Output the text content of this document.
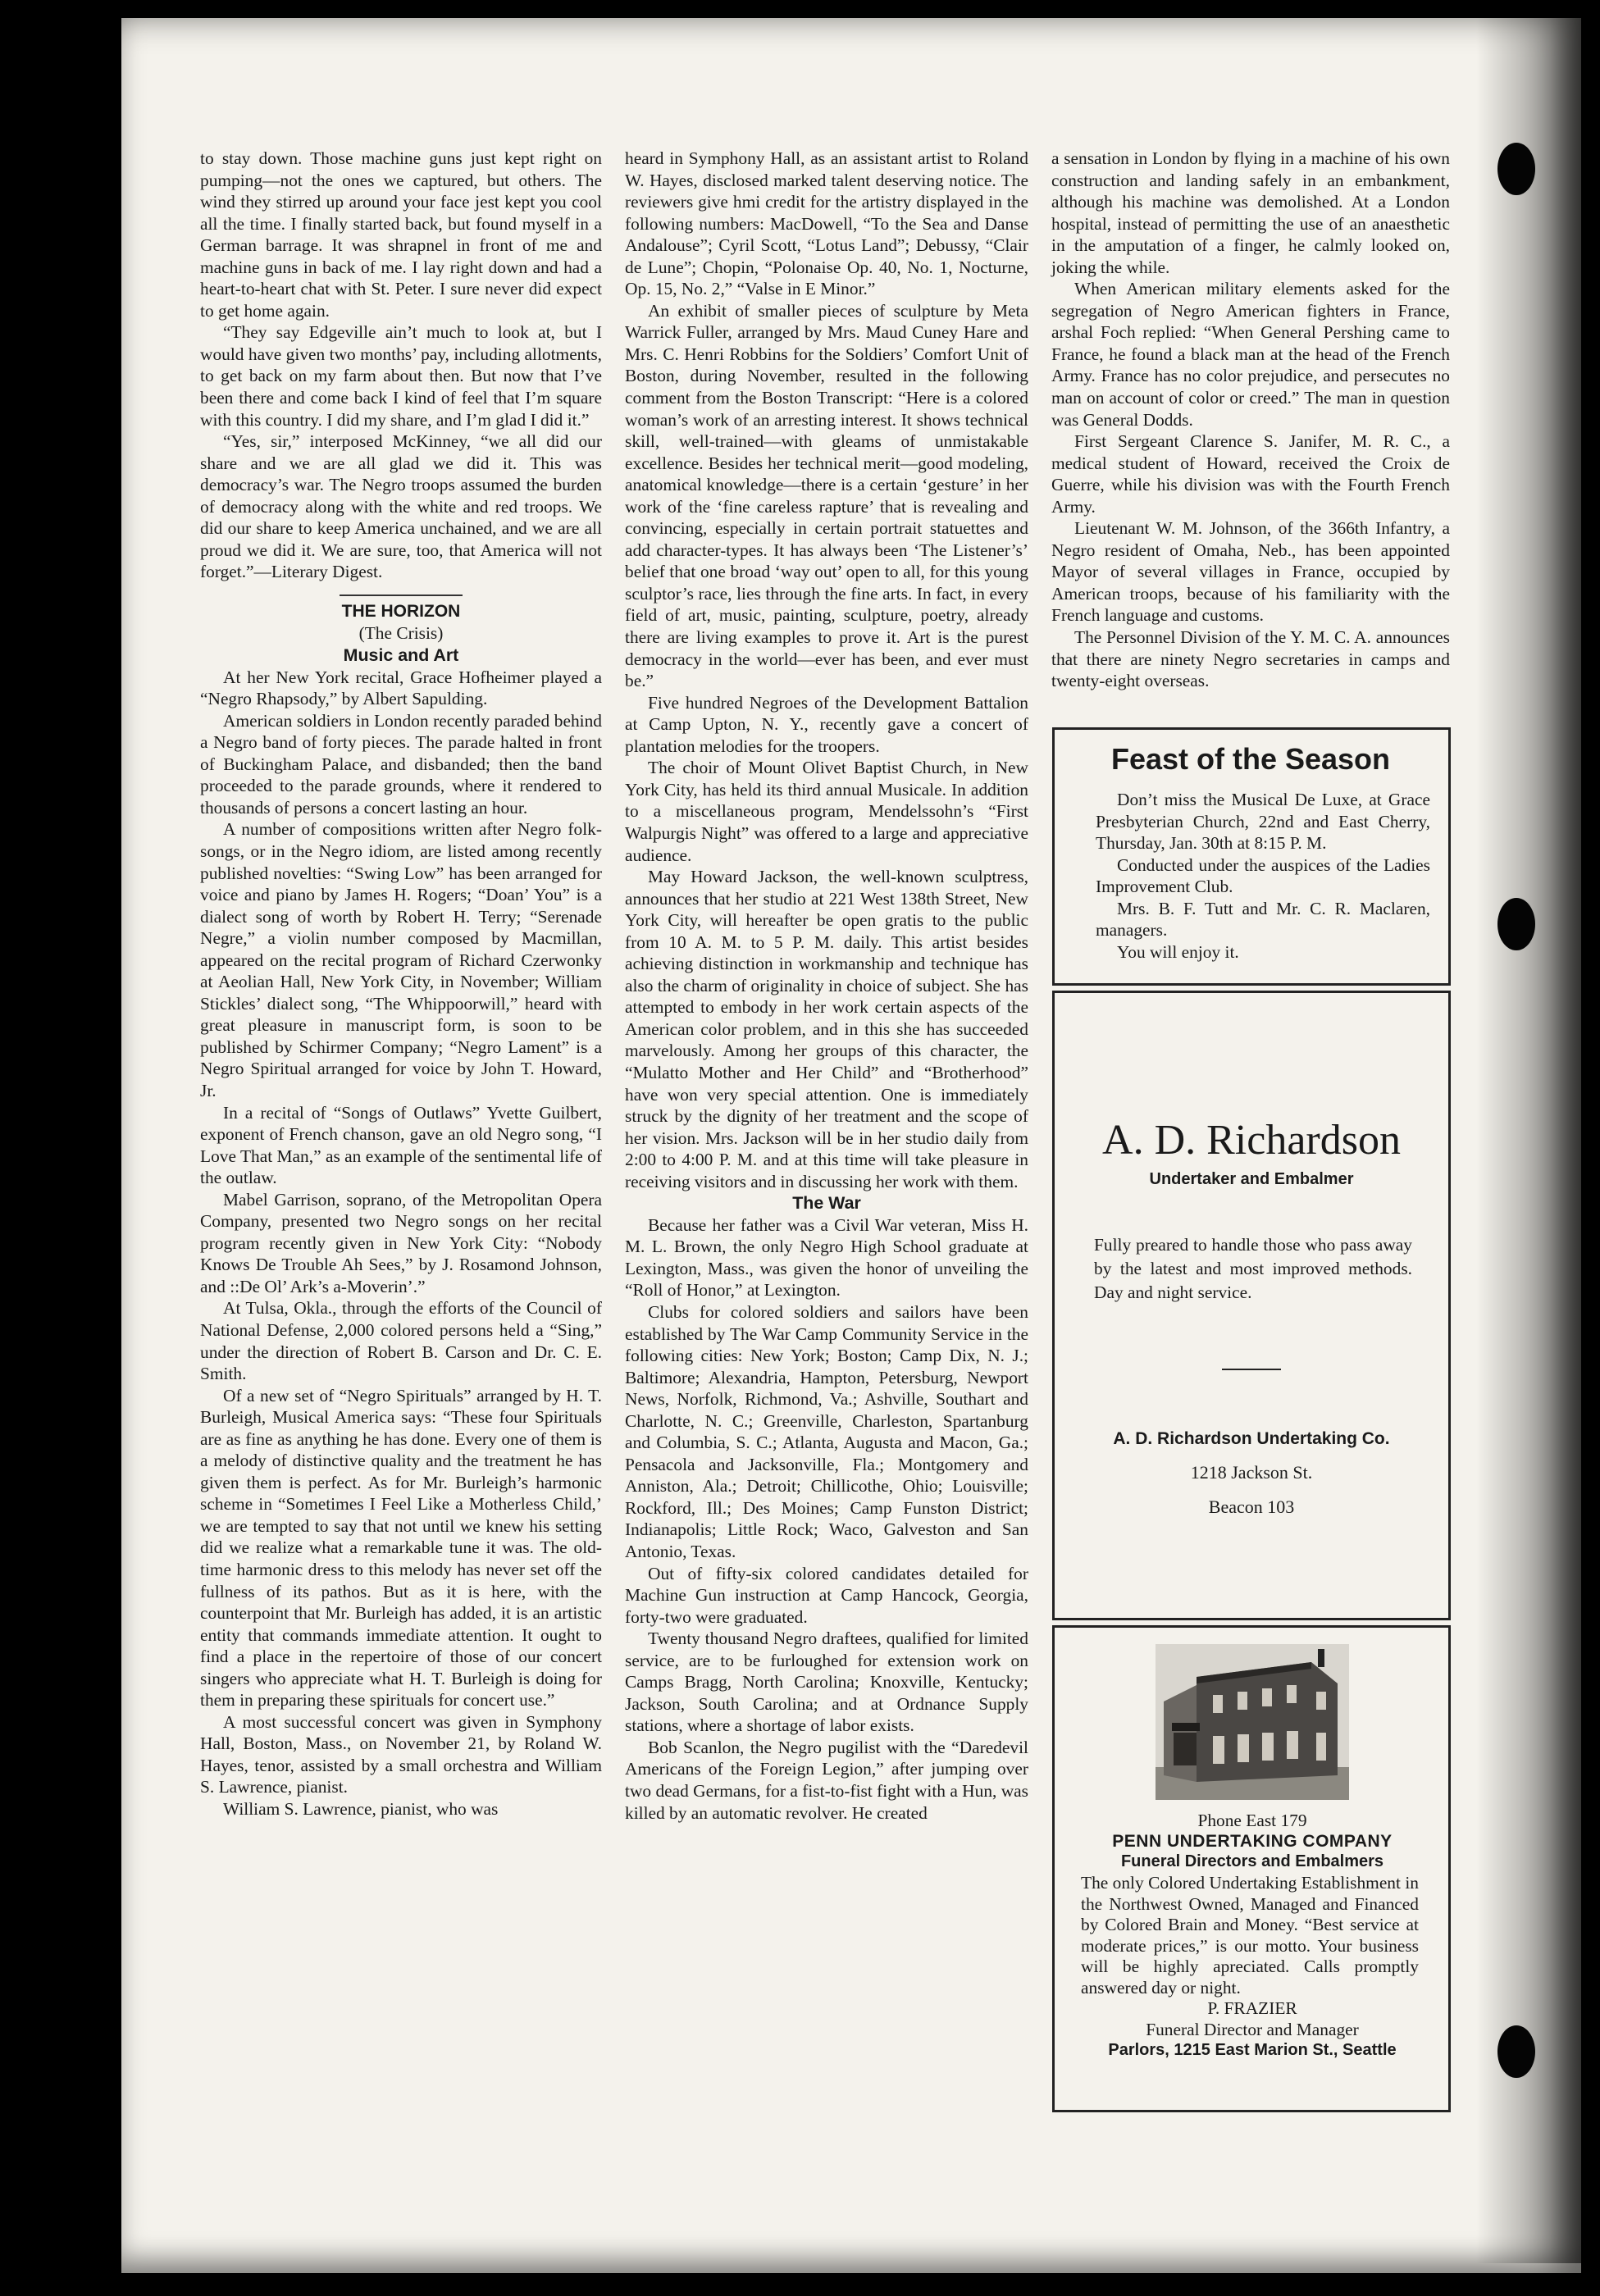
to stay down. Those machine guns just kept right on pumping—not the ones we captured, but others. The wind they stirred up around your face jest kept you cool all the time. I finally started back, but found myself in a German barrage. It was shrapnel in front of me and machine guns in back of me. I lay right down and had a heart-to-heart chat with St. Peter. I sure never did expect to get home again.

“They say Edgeville ain’t much to look at, but I would have given two months’ pay, including allotments, to get back on my farm about then. But now that I’ve been there and come back I kind of feel that I’m square with this country. I did my share, and I’m glad I did it.”

“Yes, sir,” interposed McKinney, “we all did our share and we are all glad we did it. This was democracy’s war. The Negro troops assumed the burden of democracy along with the white and red troops. We did our share to keep America unchained, and we are all proud we did it. We are sure, too, that America will not forget.”—Literary Digest.

THE HORIZON
(The Crisis)
Music and Art

At her New York recital, Grace Hofheimer played a “Negro Rhapsody,” by Albert Sapulding.

American soldiers in London recently paraded behind a Negro band of forty pieces. The parade halted in front of Buckingham Palace, and disbanded; then the band proceeded to the parade grounds, where it rendered to thousands of persons a concert lasting an hour.

A number of compositions written after Negro folk-songs, or in the Negro idiom, are listed among recently published novelties: “Swing Low” has been arranged for voice and piano by James H. Rogers; “Doan’ You” is a dialect song of worth by Robert H. Terry; “Serenade Negre,” a violin number composed by Macmillan, appeared on the recital program of Richard Czerwonky at Aeolian Hall, New York City, in November; William Stickles’ dialect song, “The Whippoorwill,” heard with great pleasure in manuscript form, is soon to be published by Schirmer Company; “Negro Lament” is a Negro Spiritual arranged for voice by John T. Howard, Jr.

In a recital of “Songs of Outlaws” Yvette Guilbert, exponent of French chanson, gave an old Negro song, “I Love That Man,” as an example of the sentimental life of the outlaw.

Mabel Garrison, soprano, of the Metropolitan Opera Company, presented two Negro songs on her recital program recently given in New York City: “Nobody Knows De Trouble Ah Sees,” by J. Rosamond Johnson, and ::De Ol’ Ark’s a-Moverin’.”

At Tulsa, Okla., through the efforts of the Council of National Defense, 2,000 colored persons held a “Sing,” under the direction of Robert B. Carson and Dr. C. E. Smith.

Of a new set of “Negro Spirituals” arranged by H. T. Burleigh, Musical America says: “These four Spirituals are as fine as anything he has done. Every one of them is a melody of distinctive quality and the treatment he has given them is perfect. As for Mr. Burleigh’s harmonic scheme in “Sometimes I Feel Like a Motherless Child,’ we are tempted to say that not until we knew his setting did we realize what a remarkable tune it was. The old-time harmonic dress to this melody has never set off the fullness of its pathos. But as it is here, with the counterpoint that Mr. Burleigh has added, it is an artistic entity that commands immediate attention. It ought to find a place in the repertoire of those of our concert singers who appreciate what H. T. Burleigh is doing for them in preparing these spirituals for concert use.”

A most successful concert was given in Symphony Hall, Boston, Mass., on November 21, by Roland W. Hayes, tenor, assisted by a small orchestra and William S. Lawrence, pianist.

William S. Lawrence, pianist, who was

heard in Symphony Hall, as an assistant artist to Roland W. Hayes, disclosed marked talent deserving notice. The reviewers give hmi credit for the artistry displayed in the following numbers: MacDowell, “To the Sea and Danse Andalouse”; Cyril Scott, “Lotus Land”; Debussy, “Clair de Lune”; Chopin, “Polonaise Op. 40, No. 1, Nocturne, Op. 15, No. 2,” “Valse in E Minor.”

An exhibit of smaller pieces of sculpture by Meta Warrick Fuller, arranged by Mrs. Maud Cuney Hare and Mrs. C. Henri Robbins for the Soldiers’ Comfort Unit of Boston, during November, resulted in the following comment from the Boston Transcript: “Here is a colored woman’s work of an arresting interest. It shows technical skill, well-trained—with gleams of unmistakable excellence. Besides her technical merit—good modeling, anatomical knowledge—there is a certain ‘gesture’ in her work of the ‘fine careless rapture’ that is revealing and convincing, especially in certain portrait statuettes and add character-types. It has always been ‘The Listener’s’ belief that one broad ‘way out’ open to all, for this young sculptor’s race, lies through the fine arts. In fact, in every field of art, music, painting, sculpture, poetry, already there are living examples to prove it. Art is the purest democracy in the world—ever has been, and ever must be.”

Five hundred Negroes of the Development Battalion at Camp Upton, N. Y., recently gave a concert of plantation melodies for the troopers.

The choir of Mount Olivet Baptist Church, in New York City, has held its third annual Musicale. In addition to a miscellaneous program, Mendelssohn’s “First Walpurgis Night” was offered to a large and appreciative audience.

May Howard Jackson, the well-known sculptress, announces that her studio at 221 West 138th Street, New York City, will hereafter be open gratis to the public from 10 A. M. to 5 P. M. daily. This artist besides achieving distinction in workmanship and technique has also the charm of originality in choice of subject. She has attempted to embody in her work certain aspects of the American color problem, and in this she has succeeded marvelously. Among her groups of this character, the “Mulatto Mother and Her Child” and “Brotherhood” have won very special attention. One is immediately struck by the dignity of her treatment and the scope of her vision. Mrs. Jackson will be in her studio daily from 2:00 to 4:00 P. M. and at this time will take pleasure in receiving visitors and in discussing her work with them.

The War

Because her father was a Civil War veteran, Miss H. M. L. Brown, the only Negro High School graduate at Lexington, Mass., was given the honor of unveiling the “Roll of Honor,” at Lexington.

Clubs for colored soldiers and sailors have been established by The War Camp Community Service in the following cities: New York; Boston; Camp Dix, N. J.; Baltimore; Alexandria, Hampton, Petersburg, Newport News, Norfolk, Richmond, Va.; Ashville, Southart and Charlotte, N. C.; Greenville, Charleston, Spartanburg and Columbia, S. C.; Atlanta, Augusta and Macon, Ga.; Pensacola and Jacksonville, Fla.; Montgomery and Anniston, Ala.; Detroit; Chillicothe, Ohio; Louisville; Rockford, Ill.; Des Moines; Camp Funston District; Indianapolis; Little Rock; Waco, Galveston and San Antonio, Texas.

Out of fifty-six colored candidates detailed for Machine Gun instruction at Camp Hancock, Georgia, forty-two were graduated.

Twenty thousand Negro draftees, qualified for limited service, are to be furloughed for extension work on Camps Bragg, North Carolina; Knoxville, Kentucky; Jackson, South Carolina; and at Ordnance Supply stations, where a shortage of labor exists.

Bob Scanlon, the Negro pugilist with the “Daredevil Americans of the Foreign Legion,” after jumping over two dead Germans, for a fist-to-fist fight with a Hun, was killed by an automatic revolver. He created

a sensation in London by flying in a machine of his own construction and landing safely in an embankment, although his machine was demolished. At a London hospital, instead of permitting the use of an anaesthetic in the amputation of a finger, he calmly looked on, joking the while.

When American military elements asked for the segregation of Negro American fighters in France, arshal Foch replied: “When General Pershing came to France, he found a black man at the head of the French Army. France has no color prejudice, and persecutes no man on account of color or creed.” The man in question was General Dodds.

First Sergeant Clarence S. Janifer, M. R. C., a medical student of Howard, received the Croix de Guerre, while his division was with the Fourth French Army.

Lieutenant W. M. Johnson, of the 366th Infantry, a Negro resident of Omaha, Neb., has been appointed Mayor of several villages in France, occupied by American troops, because of his familiarity with the French language and customs.

The Personnel Division of the Y. M. C. A. announces that there are ninety Negro secretaries in camps and twenty-eight overseas.

Feast of the Season

Don’t miss the Musical De Luxe, at Grace Presbyterian Church, 22nd and East Cherry, Thursday, Jan. 30th at 8:15 P. M.

Conducted under the auspices of the Ladies Improvement Club.

Mrs. B. F. Tutt and Mr. C. R. Maclaren, managers.

You will enjoy it.

A. D. Richardson
Undertaker and Embalmer
Fully preared to handle those who pass away by the latest and most improved methods. Day and night service.
A. D. Richardson Undertaking Co.
1218 Jackson St.
Beacon 103
Phone East 179
PENN UNDERTAKING COMPANY
Funeral Directors and Embalmers
The only Colored Undertaking Establishment in the Northwest Owned, Managed and Financed by Colored Brain and Money. “Best service at moderate prices,” is our motto. Your business will be highly apreciated. Calls promptly answered day or night.
P. FRAZIER
Funeral Director and Manager
Parlors, 1215 East Marion St., Seattle
